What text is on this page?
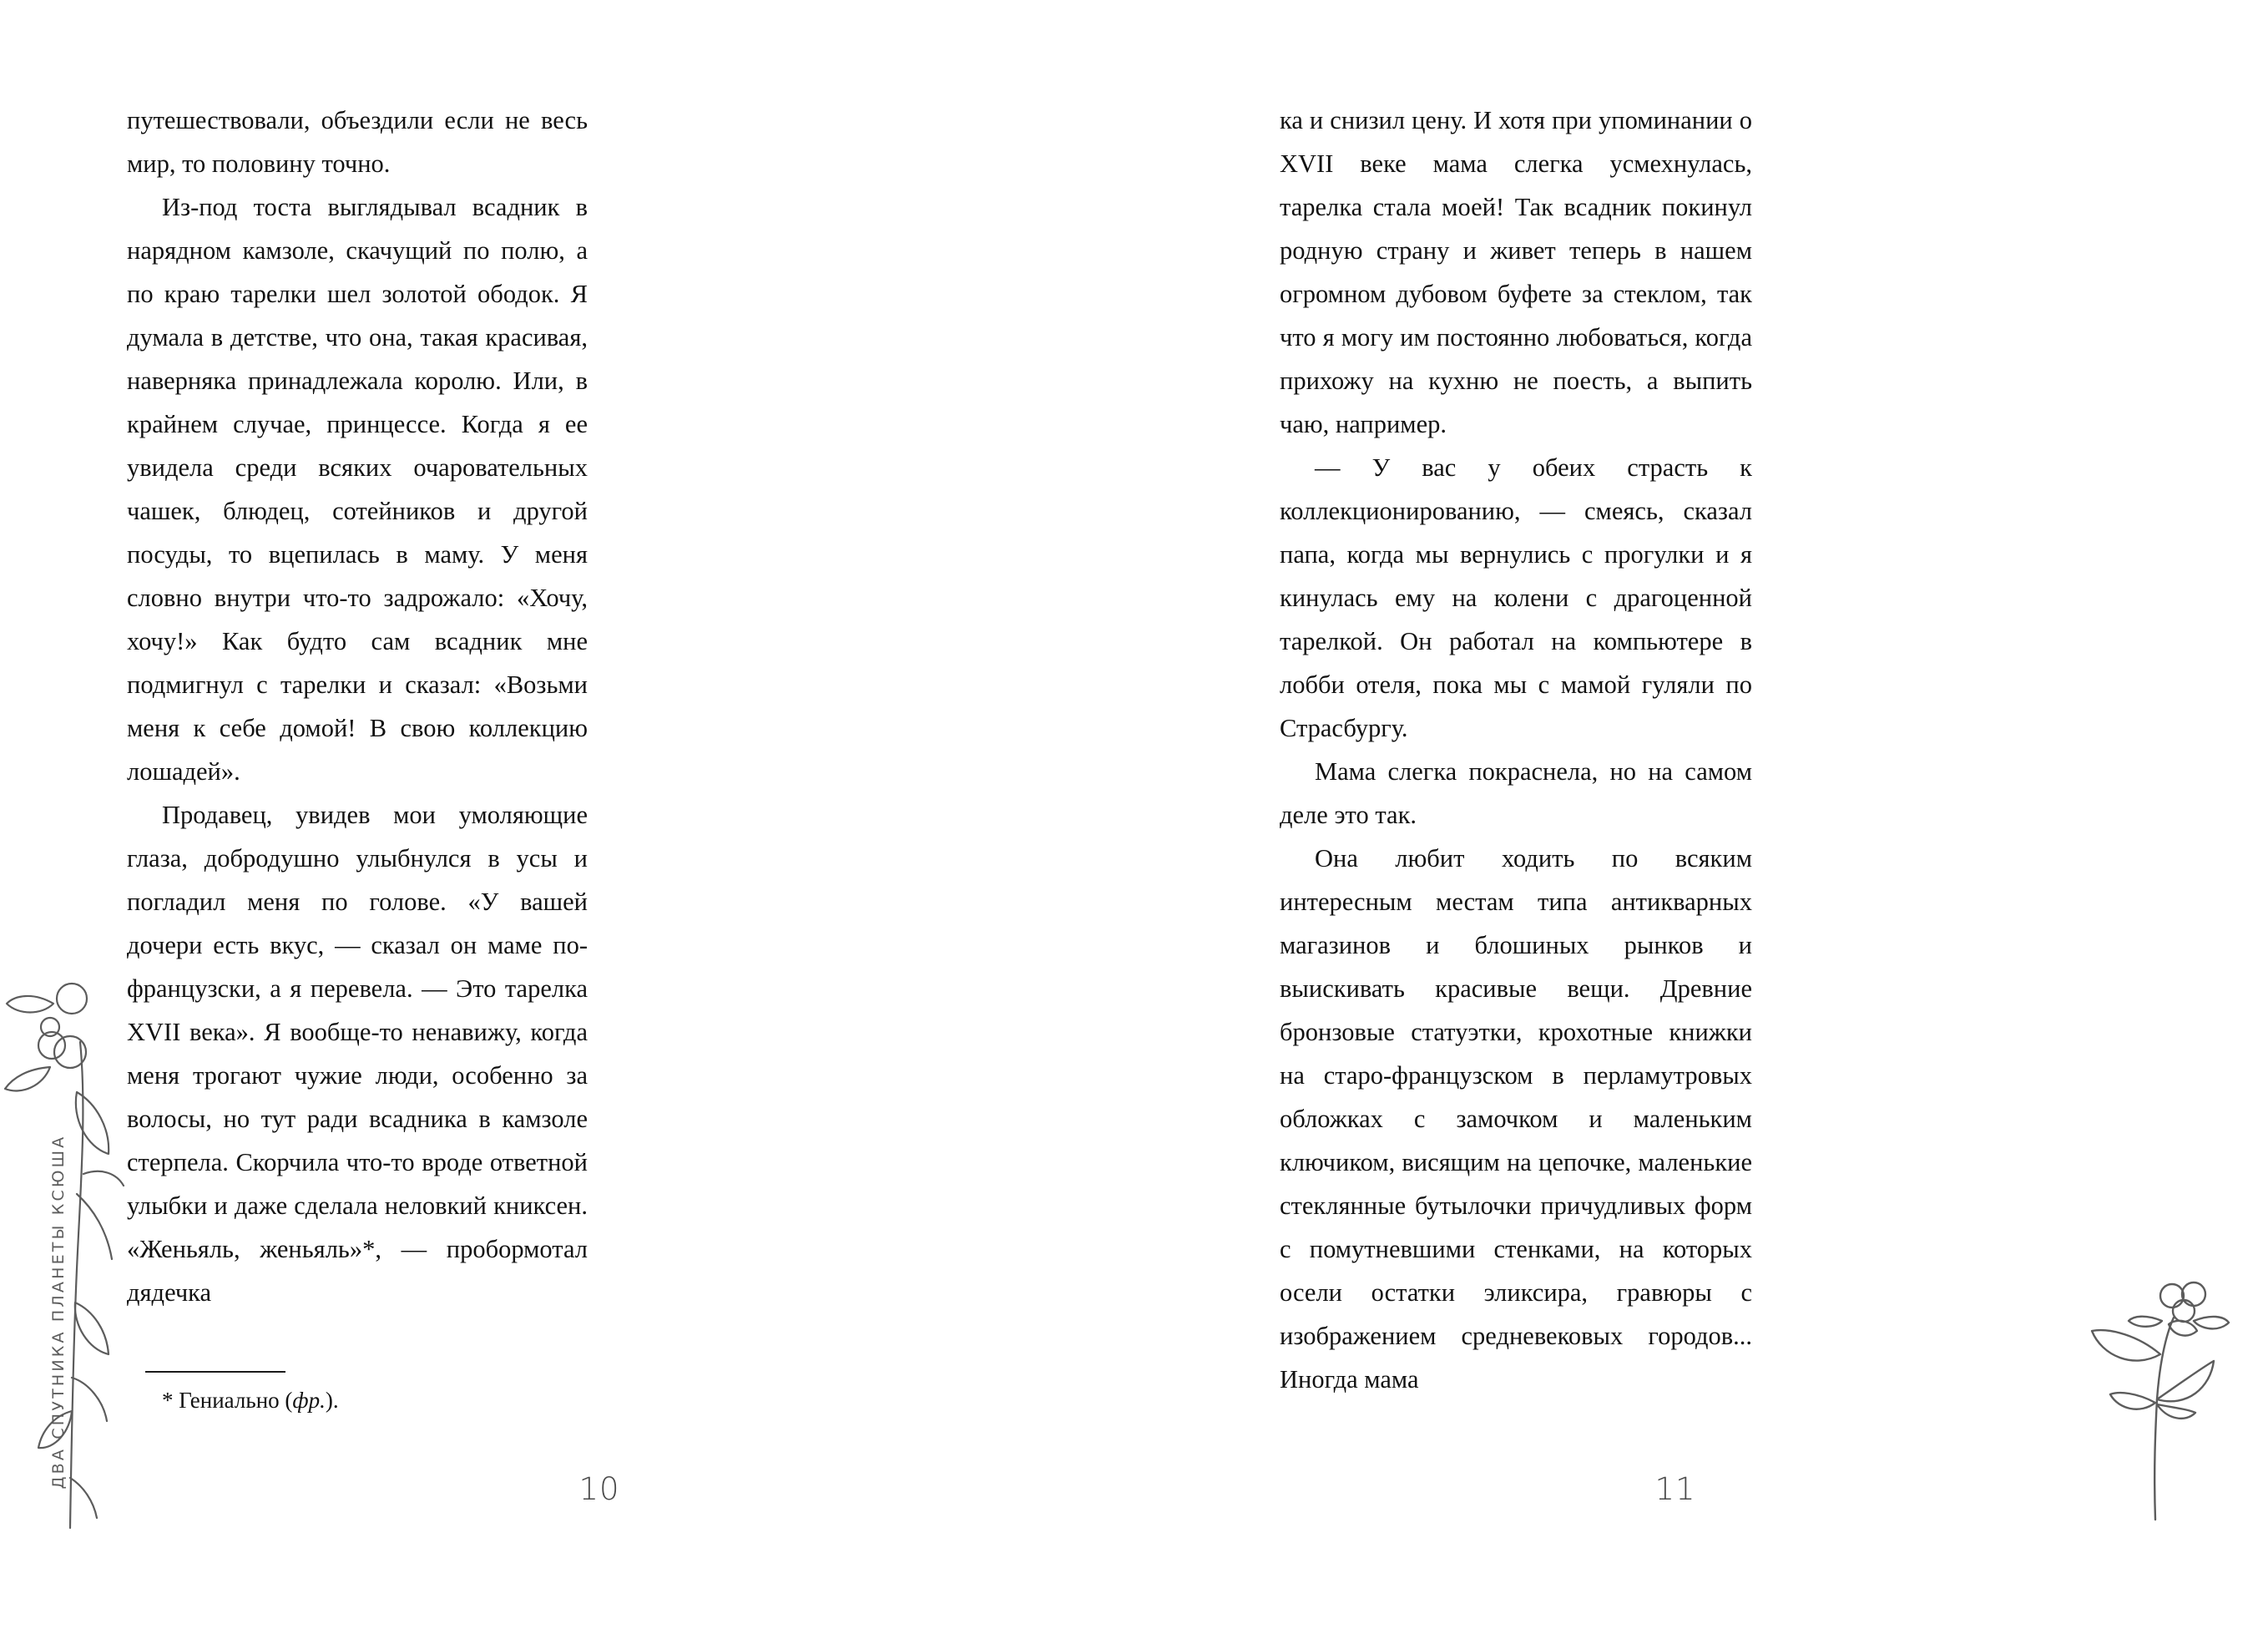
ДВА СПУТНИКА ПЛАНЕТЫ КСЮША

путешествовали, объездили если не весь мир, то половину точно.

Из-под тоста выглядывал всадник в нарядном камзоле, скачущий по полю, а по краю тарелки шел золотой ободок. Я думала в детстве, что она, такая красивая, наверняка принадлежала королю. Или, в крайнем случае, принцессе. Когда я ее увидела среди всяких очаровательных чашек, блюдец, сотейников и другой посуды, то вцепилась в маму. У меня словно внутри что-то задрожало: «Хочу, хочу!» Как будто сам всадник мне подмигнул с тарелки и сказал: «Возьми меня к себе домой! В свою коллекцию лошадей».

Продавец, увидев мои умоляющие глаза, добродушно улыбнулся в усы и погладил меня по голове. «У вашей дочери есть вкус, — сказал он маме по-французски, а я перевела. — Это тарелка XVII века». Я вообще-то ненавижу, когда меня трогают чужие люди, особенно за волосы, но тут ради всадника в камзоле стерпела. Скорчила что-то вроде ответной улыбки и даже сделала неловкий книксен. «Женьяль, женьяль»*, — пробормотал дядечка

* Гениально (фр.).

ка и снизил цену. И хотя при упоминании о XVII веке мама слегка усмехнулась, тарелка стала моей! Так всадник покинул родную страну и живет теперь в нашем огромном дубовом буфете за стеклом, так что я могу им постоянно любоваться, когда прихожу на кухню не поесть, а выпить чаю, например.

— У вас у обеих страсть к коллекционированию, — смеясь, сказал папа, когда мы вернулись с прогулки и я кинулась ему на колени с драгоценной тарелкой. Он работал на компьютере в лобби отеля, пока мы с мамой гуляли по Страсбургу.

Мама слегка покраснела, но на самом деле это так.

Она любит ходить по всяким интересным местам типа антикварных магазинов и блошиных рынков и выискивать красивые вещи. Древние бронзовые статуэтки, крохотные книжки на старо-французском в перламутровых обложках с замочком и маленьким ключиком, висящим на цепочке, маленькие стеклянные бутылочки причудливых форм с помутневшими стенками, на которых осели остатки эликсира, гравюры с изображением средневековых городов... Иногда мама

10	11
